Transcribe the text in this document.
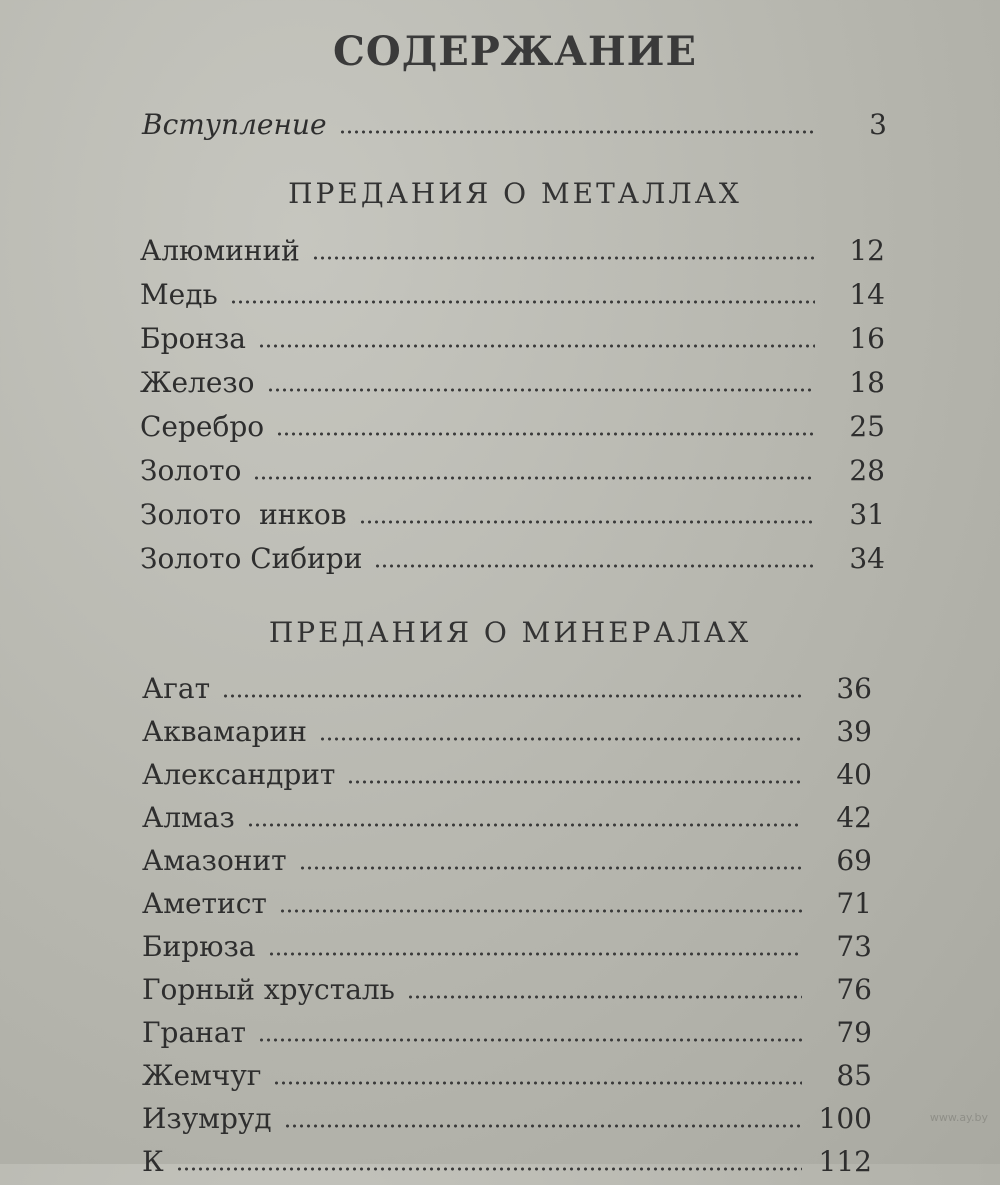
СОДЕРЖАНИЕ
Вступление	3
ПРЕДАНИЯ О МЕТАЛЛАХ
Алюминий	12
Медь	14
Бронза	16
Железо	18
Серебро	25
Золото	28
Золото  инков	31
Золото Сибири	34
ПРЕДАНИЯ О МИНЕРАЛАХ
Агат	36
Аквамарин	39
Александрит	40
Алмаз	42
Амазонит	69
Аметист	71
Бирюза	73
Горный хрусталь	76
Гранат	79
Жемчуг	85
Изумруд	100
К	112
www.ay.by
